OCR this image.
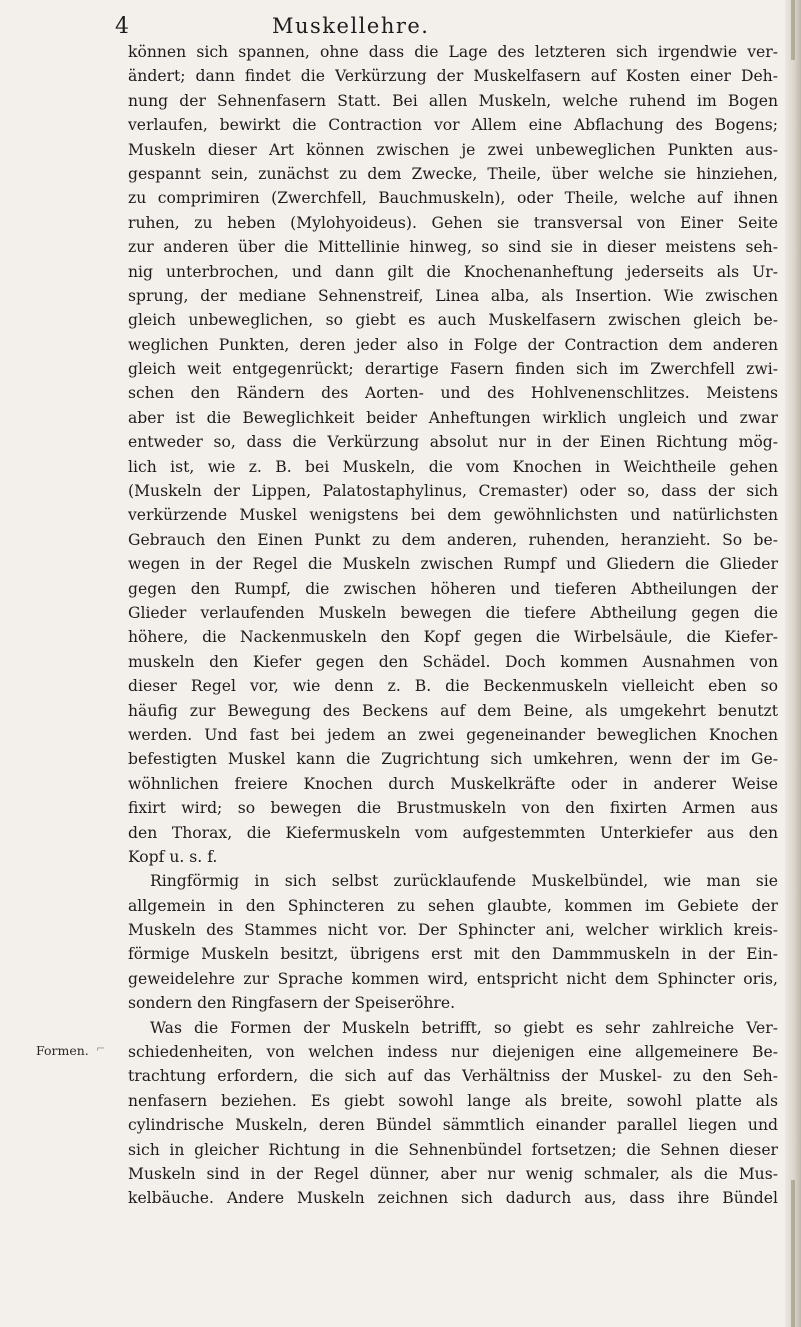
4	Muskellehre.
Formen. ⌐
können sich spannen, ohne dass die Lage des letzteren sich irgendwie ver-
ändert; dann findet die Verkürzung der Muskelfasern auf Kosten einer Deh-
nung der Sehnenfasern Statt. Bei allen Muskeln, welche ruhend im Bogen
verlaufen, bewirkt die Contraction vor Allem eine Abflachung des Bogens;
Muskeln dieser Art können zwischen je zwei unbeweglichen Punkten aus-
gespannt sein, zunächst zu dem Zwecke, Theile, über welche sie hinziehen,
zu comprimiren (Zwerchfell, Bauchmuskeln), oder Theile, welche auf ihnen
ruhen, zu heben (Mylohyoideus). Gehen sie transversal von Einer Seite
zur anderen über die Mittellinie hinweg, so sind sie in dieser meistens seh-
nig unterbrochen, und dann gilt die Knochenanheftung jederseits als Ur-
sprung, der mediane Sehnenstreif, Linea alba, als Insertion. Wie zwischen
gleich unbeweglichen, so giebt es auch Muskelfasern zwischen gleich be-
weglichen Punkten, deren jeder also in Folge der Contraction dem anderen
gleich weit entgegenrückt; derartige Fasern finden sich im Zwerchfell zwi-
schen den Rändern des Aorten- und des Hohlvenenschlitzes. Meistens
aber ist die Beweglichkeit beider Anheftungen wirklich ungleich und zwar
entweder so, dass die Verkürzung absolut nur in der Einen Richtung mög-
lich ist, wie z. B. bei Muskeln, die vom Knochen in Weichtheile gehen
(Muskeln der Lippen, Palatostaphylinus, Cremaster) oder so, dass der sich
verkürzende Muskel wenigstens bei dem gewöhnlichsten und natürlichsten
Gebrauch den Einen Punkt zu dem anderen, ruhenden, heranzieht. So be-
wegen in der Regel die Muskeln zwischen Rumpf und Gliedern die Glieder
gegen den Rumpf, die zwischen höheren und tieferen Abtheilungen der
Glieder verlaufenden Muskeln bewegen die tiefere Abtheilung gegen die
höhere, die Nackenmuskeln den Kopf gegen die Wirbelsäule, die Kiefer-
muskeln den Kiefer gegen den Schädel. Doch kommen Ausnahmen von
dieser Regel vor, wie denn z. B. die Beckenmuskeln vielleicht eben so
häufig zur Bewegung des Beckens auf dem Beine, als umgekehrt benutzt
werden. Und fast bei jedem an zwei gegeneinander beweglichen Knochen
befestigten Muskel kann die Zugrichtung sich umkehren, wenn der im Ge-
wöhnlichen freiere Knochen durch Muskelkräfte oder in anderer Weise
fixirt wird; so bewegen die Brustmuskeln von den fixirten Armen aus
den Thorax, die Kiefermuskeln vom aufgestemmten Unterkiefer aus den
Kopf u. s. f.
Ringförmig in sich selbst zurücklaufende Muskelbündel, wie man sie
allgemein in den Sphincteren zu sehen glaubte, kommen im Gebiete der
Muskeln des Stammes nicht vor. Der Sphincter ani, welcher wirklich kreis-
förmige Muskeln besitzt, übrigens erst mit den Dammmuskeln in der Ein-
geweidelehre zur Sprache kommen wird, entspricht nicht dem Sphincter oris,
sondern den Ringfasern der Speiseröhre.
Was die Formen der Muskeln betrifft, so giebt es sehr zahlreiche Ver-
schiedenheiten, von welchen indess nur diejenigen eine allgemeinere Be-
trachtung erfordern, die sich auf das Verhältniss der Muskel- zu den Seh-
nenfasern beziehen. Es giebt sowohl lange als breite, sowohl platte als
cylindrische Muskeln, deren Bündel sämmtlich einander parallel liegen und
sich in gleicher Richtung in die Sehnenbündel fortsetzen; die Sehnen dieser
Muskeln sind in der Regel dünner, aber nur wenig schmaler, als die Mus-
kelbäuche. Andere Muskeln zeichnen sich dadurch aus, dass ihre Bündel
